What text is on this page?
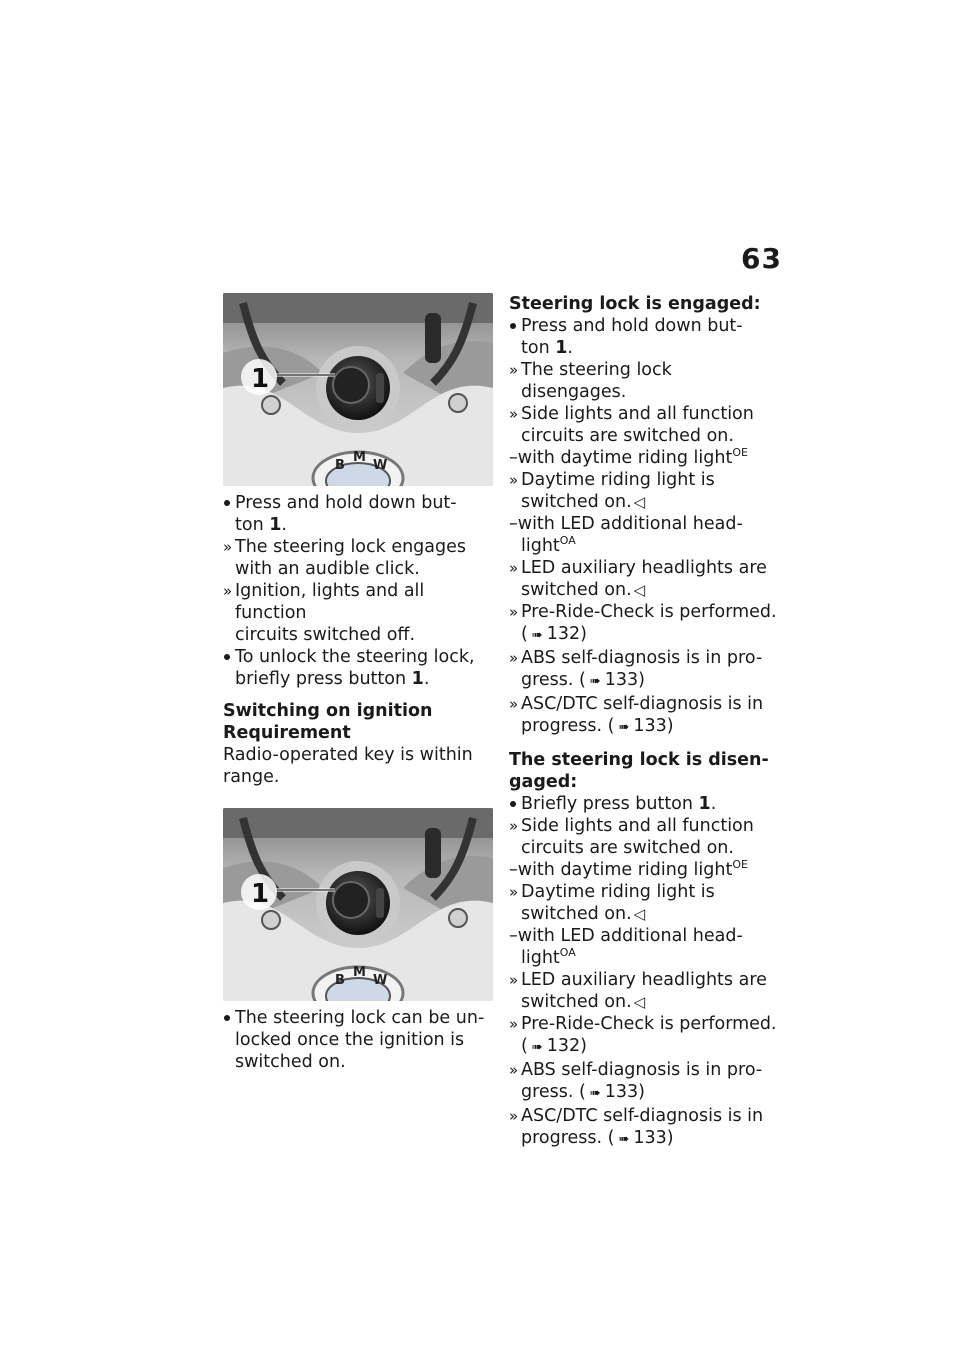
63
B
M
W
1
Press and hold down but-
ton 1.
» The steering lock engages
with an audible click.
» Ignition, lights and all function
circuits switched off.
To unlock the steering lock,
briefly press button 1.

Switching on ignition

Requirement

Radio-operated key is within
range.

B
M
W
1
The steering lock can be un-
locked once the ignition is
switched on.

Steering lock is engaged:

Press and hold down but-
ton 1.
» The steering lock disengages.
» Side lights and all function
circuits are switched on.
–with daytime riding light$^{OE}$
» Daytime riding light is
switched on. ◁
–with LED additional head-
light$^{OA}$
» LED auxiliary headlights are
switched on. ◁
» Pre-Ride-Check is performed.
( ➠ 132)
» ABS self-diagnosis is in pro-
gress. ( ➠ 133)
» ASC/DTC self-diagnosis is in
progress. ( ➠ 133)

The steering lock is disen-
gaged:

Briefly press button 1.
» Side lights and all function
circuits are switched on.
–with daytime riding light$^{OE}$
» Daytime riding light is
switched on. ◁
–with LED additional head-
light$^{OA}$
» LED auxiliary headlights are
switched on. ◁
» Pre-Ride-Check is performed.
( ➠ 132)
» ABS self-diagnosis is in pro-
gress. ( ➠ 133)
» ASC/DTC self-diagnosis is in
progress. ( ➠ 133)
